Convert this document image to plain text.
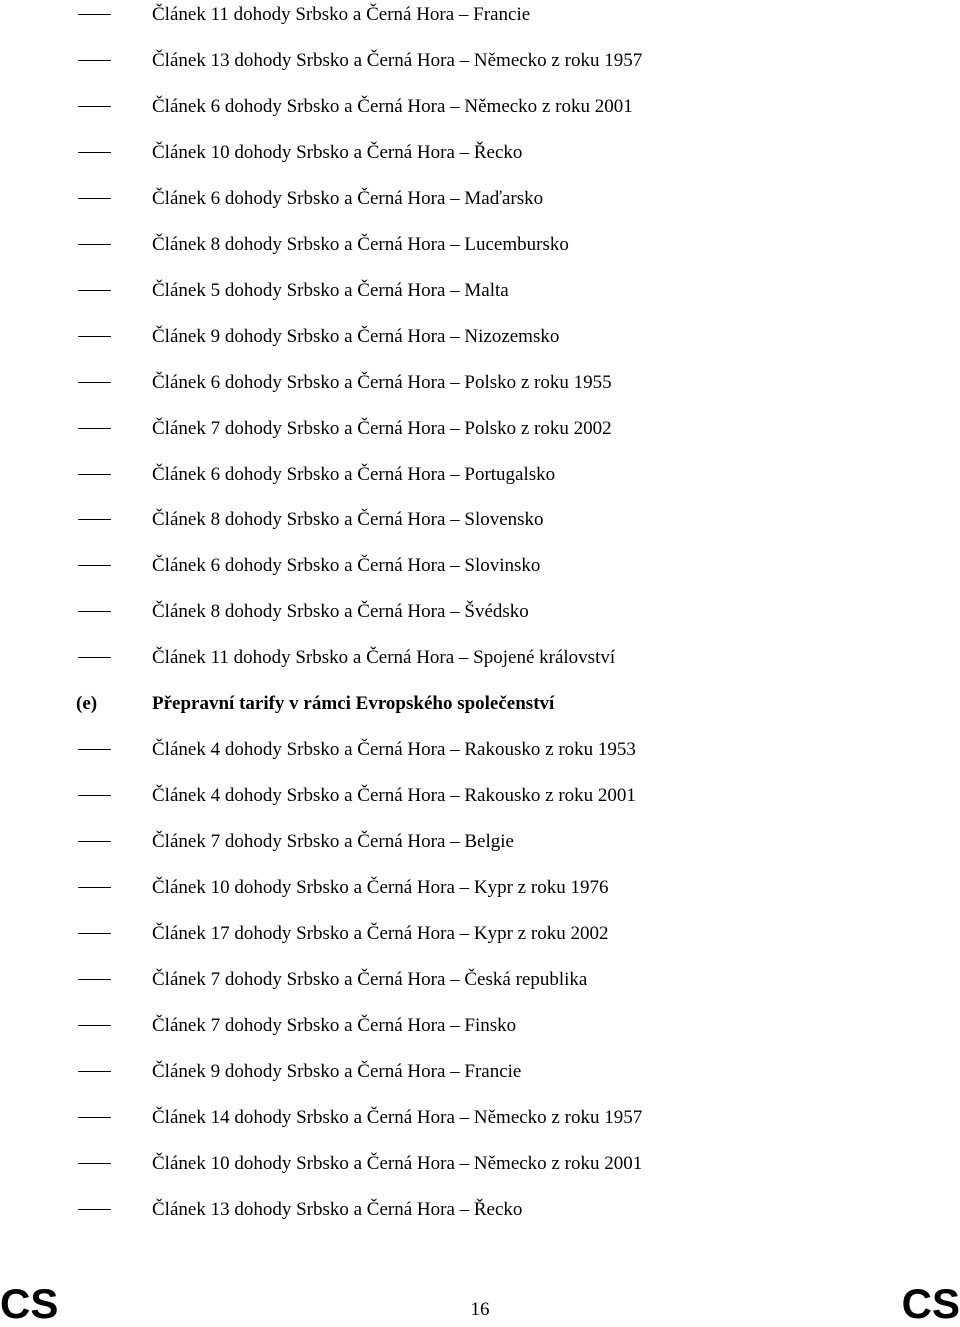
Článek 11 dohody Srbsko a Černá Hora – Francie
Článek 13 dohody Srbsko a Černá Hora – Německo z roku 1957
Článek 6 dohody Srbsko a Černá Hora – Německo z roku 2001
Článek 10 dohody Srbsko a Černá Hora – Řecko
Článek 6 dohody Srbsko a Černá Hora – Maďarsko
Článek 8 dohody Srbsko a Černá Hora – Lucembursko
Článek 5 dohody Srbsko a Černá Hora – Malta
Článek 9 dohody Srbsko a Černá Hora – Nizozemsko
Článek 6 dohody Srbsko a Černá Hora – Polsko z roku 1955
Článek 7 dohody Srbsko a Černá Hora – Polsko z roku 2002
Článek 6 dohody Srbsko a Černá Hora – Portugalsko
Článek 8 dohody Srbsko a Černá Hora – Slovensko
Článek 6 dohody Srbsko a Černá Hora – Slovinsko
Článek 8 dohody Srbsko a Černá Hora – Švédsko
Článek 11 dohody Srbsko a Černá Hora – Spojené království
(e)	Přepravní tarify v rámci Evropského společenství
Článek 4 dohody Srbsko a Černá Hora – Rakousko z roku 1953
Článek 4 dohody Srbsko a Černá Hora – Rakousko z roku 2001
Článek 7 dohody Srbsko a Černá Hora – Belgie
Článek 10 dohody Srbsko a Černá Hora – Kypr z roku 1976
Článek 17 dohody Srbsko a Černá Hora – Kypr z roku 2002
Článek 7 dohody Srbsko a Černá Hora – Česká republika
Článek 7 dohody Srbsko a Černá Hora – Finsko
Článek 9 dohody Srbsko a Černá Hora – Francie
Článek 14 dohody Srbsko a Černá Hora – Německo z roku 1957
Článek 10 dohody Srbsko a Černá Hora – Německo z roku 2001
Článek 13 dohody Srbsko a Černá Hora – Řecko
CS	16	CS
